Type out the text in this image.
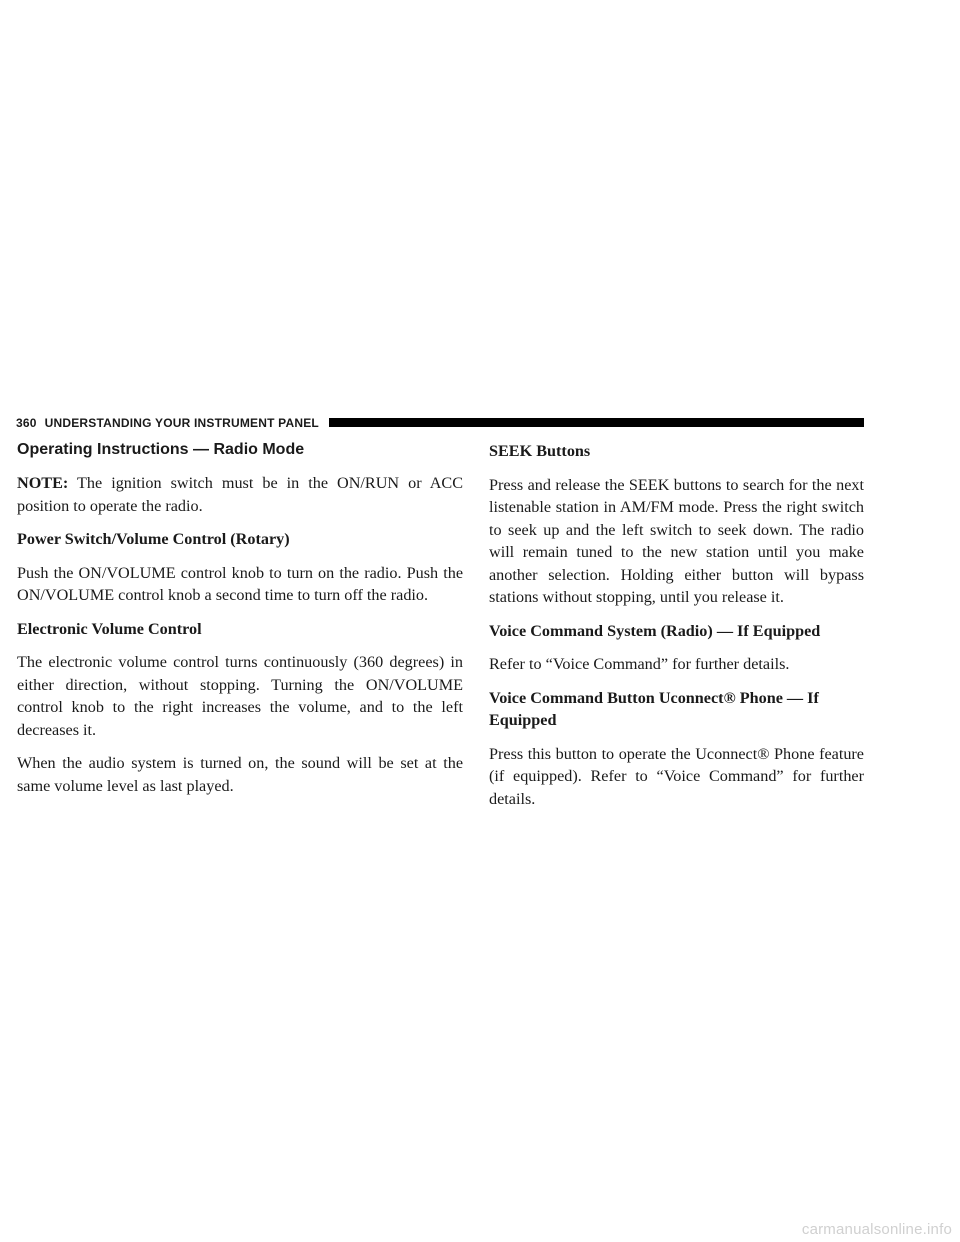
360 UNDERSTANDING YOUR INSTRUMENT PANEL
Operating Instructions — Radio Mode

NOTE: The ignition switch must be in the ON/RUN or ACC position to operate the radio.

Power Switch/Volume Control (Rotary)

Push the ON/VOLUME control knob to turn on the radio. Push the ON/VOLUME control knob a second time to turn off the radio.

Electronic Volume Control

The electronic volume control turns continuously (360 degrees) in either direction, without stopping. Turning the ON/VOLUME control knob to the right increases the volume, and to the left decreases it.

When the audio system is turned on, the sound will be set at the same volume level as last played.

SEEK Buttons

Press and release the SEEK buttons to search for the next listenable station in AM/FM mode. Press the right switch to seek up and the left switch to seek down. The radio will remain tuned to the new station until you make another selection. Holding either button will bypass stations without stopping, until you release it.

Voice Command System (Radio) — If Equipped

Refer to “Voice Command” for further details.

Voice Command Button Uconnect® Phone — If Equipped

Press this button to operate the Uconnect® Phone feature (if equipped). Refer to “Voice Command” for further details.

carmanualsonline.info
